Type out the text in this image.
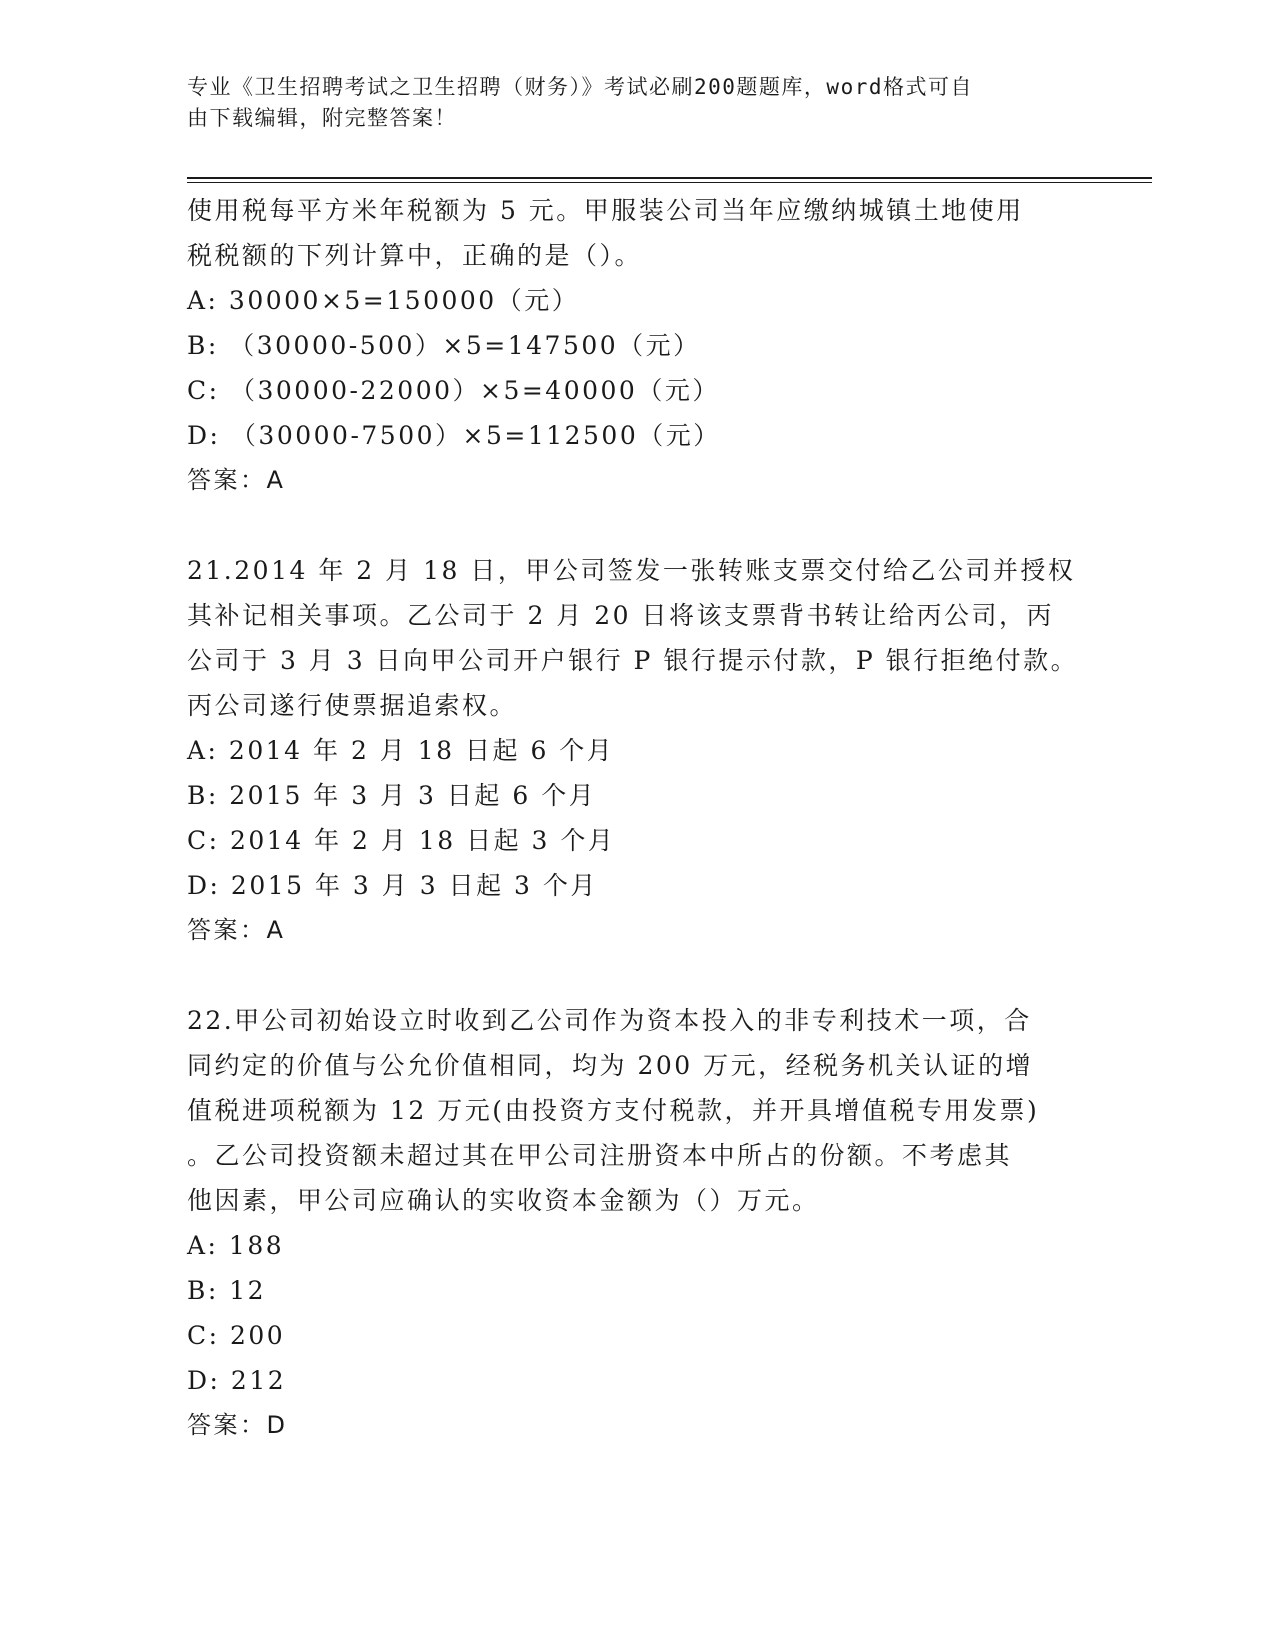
专业《卫生招聘考试之卫生招聘（财务）》考试必刷200题题库，word格式可自
由下载编辑，附完整答案！
使用税每平方米年税额为 5 元。甲服装公司当年应缴纳城镇土地使用
税税额的下列计算中，正确的是（）。
A: 30000×5=150000（元）
B: （30000-500）×5=147500（元）
C: （30000-22000）×5=40000（元）
D: （30000-7500）×5=112500（元）
答案：A
21.2014 年 2 月 18 日，甲公司签发一张转账支票交付给乙公司并授权
其补记相关事项。乙公司于 2 月 20 日将该支票背书转让给丙公司，丙
公司于 3 月 3 日向甲公司开户银行 P 银行提示付款，P 银行拒绝付款。
丙公司遂行使票据追索权。
A: 2014 年 2 月 18 日起 6 个月
B: 2015 年 3 月 3 日起 6 个月
C: 2014 年 2 月 18 日起 3 个月
D: 2015 年 3 月 3 日起 3 个月
答案：A
22.甲公司初始设立时收到乙公司作为资本投入的非专利技术一项，合
同约定的价值与公允价值相同，均为 200 万元，经税务机关认证的增
值税进项税额为 12 万元(由投资方支付税款，并开具增值税专用发票)
。乙公司投资额未超过其在甲公司注册资本中所占的份额。不考虑其
他因素，甲公司应确认的实收资本金额为（）万元。
A: 188
B: 12
C: 200
D: 212
答案：D
